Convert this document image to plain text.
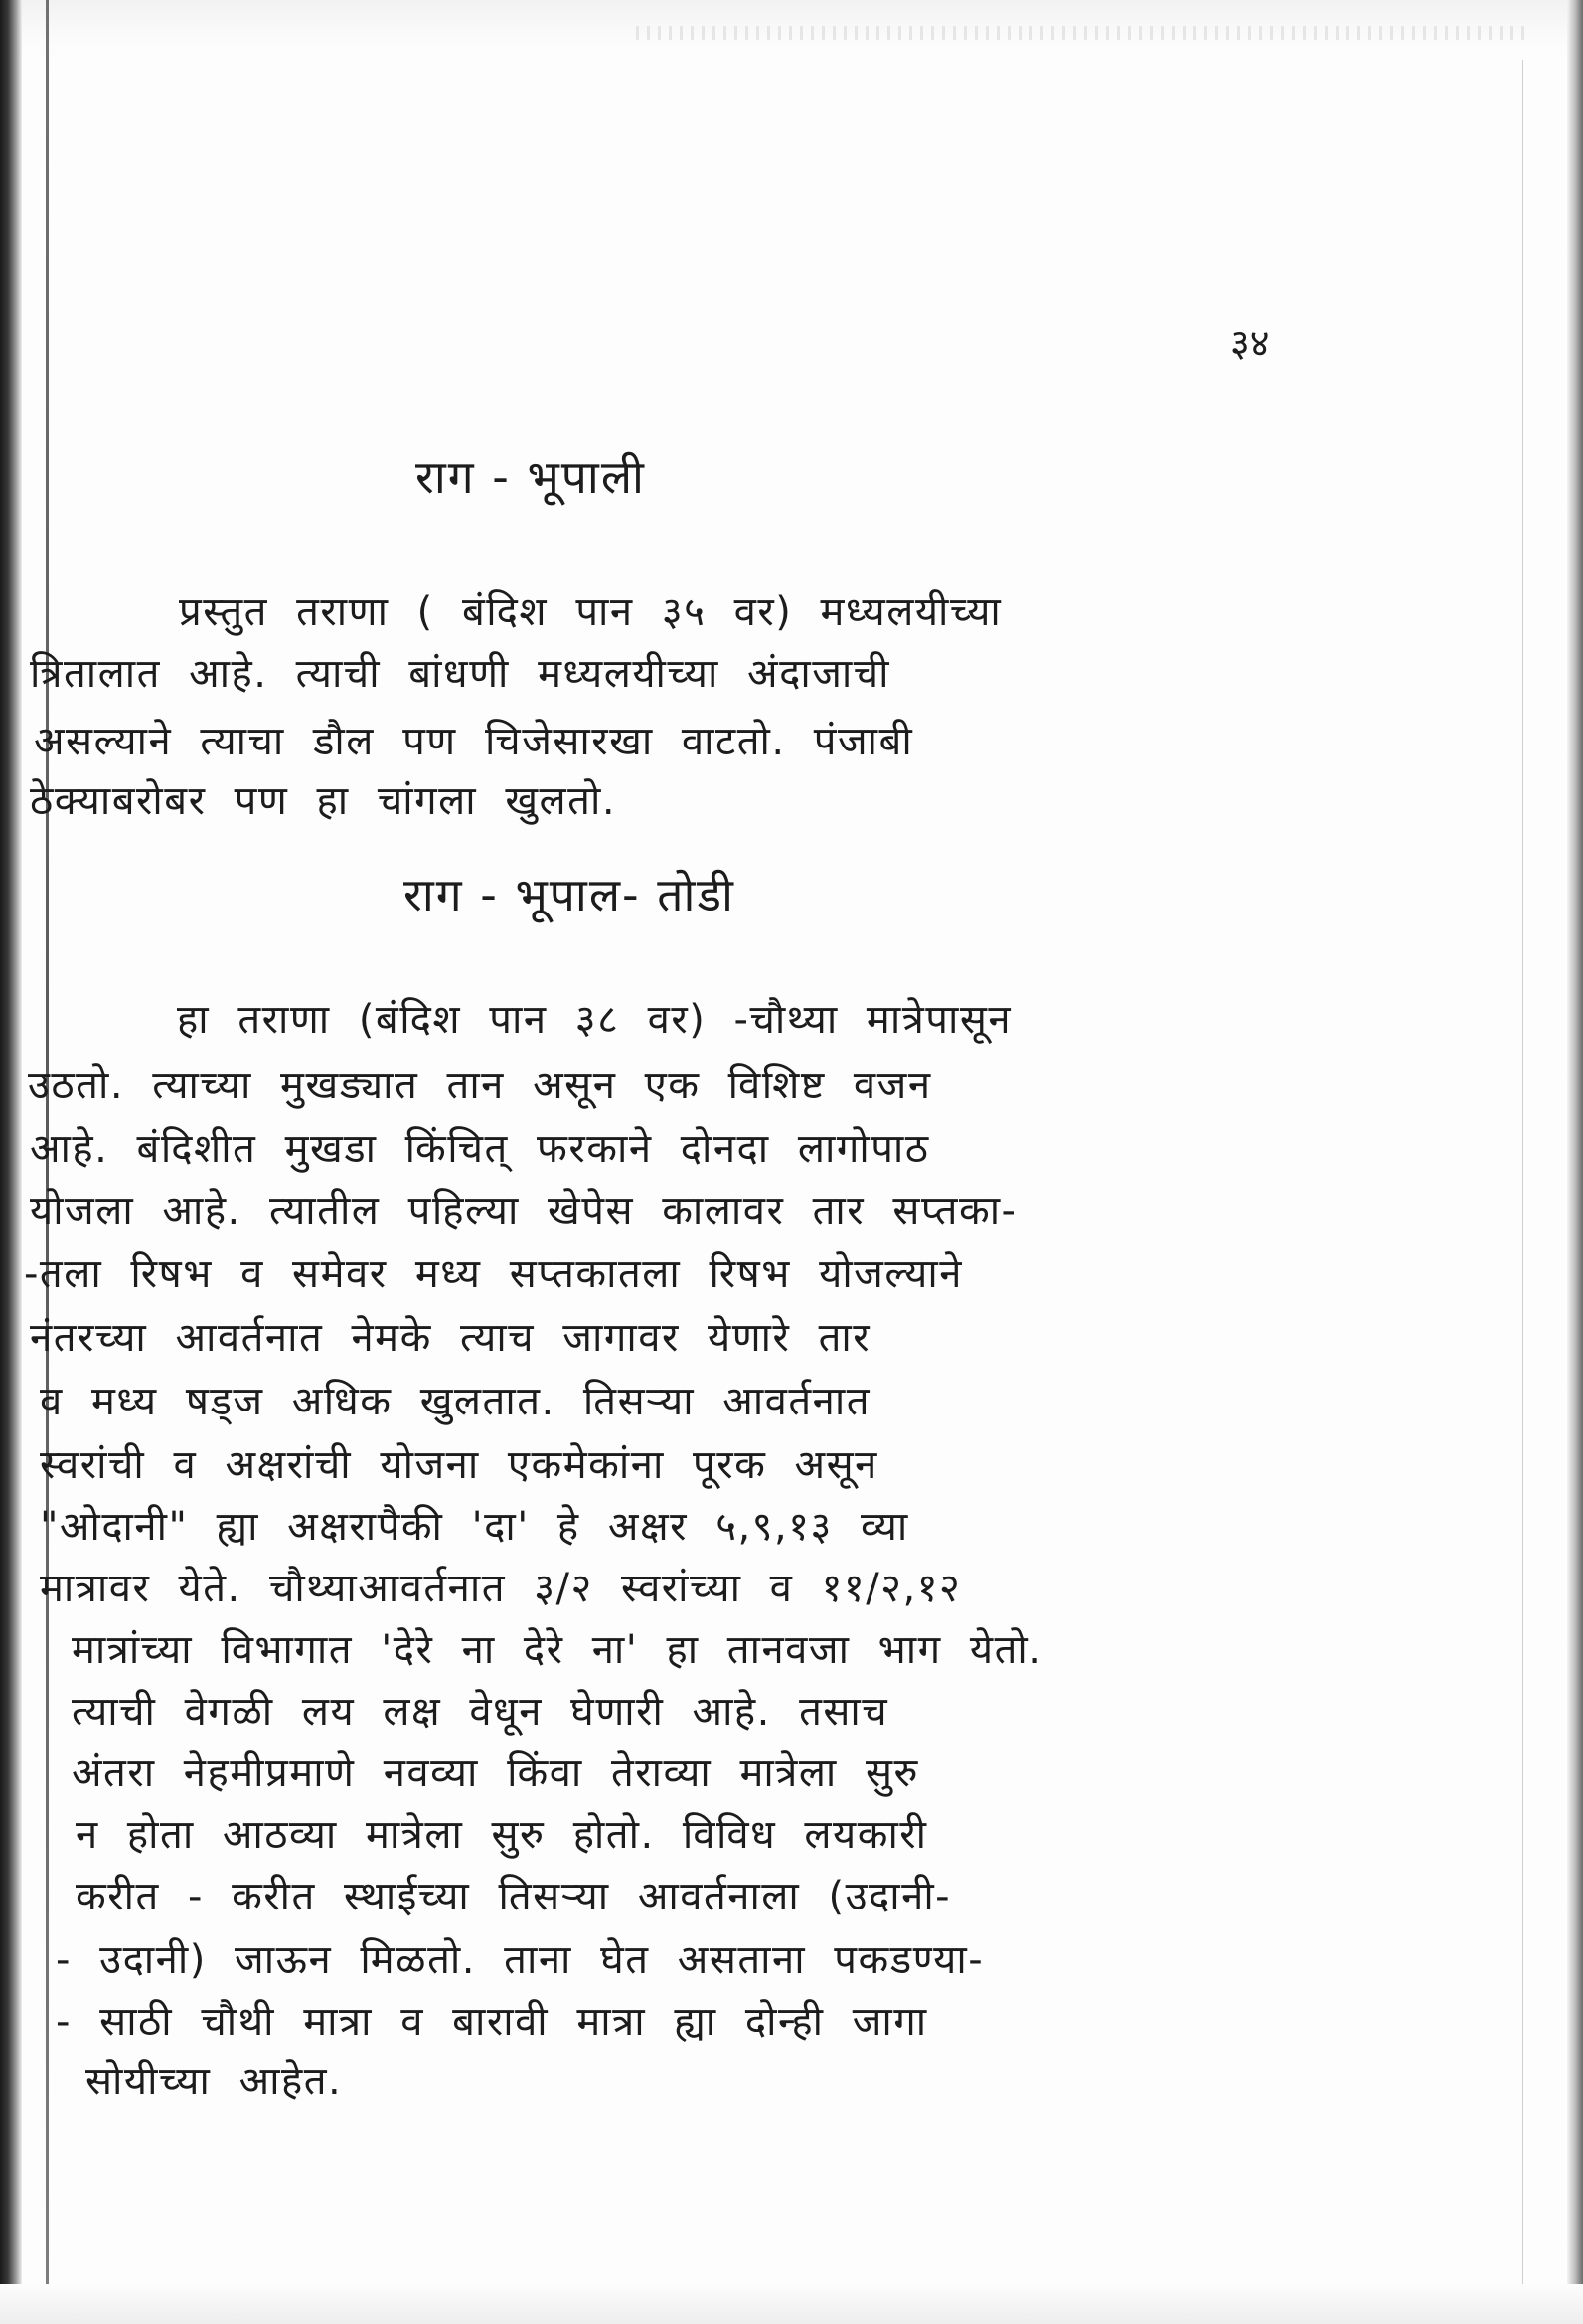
३४
राग - भूपाली
प्रस्तुत तराणा ( बंदिश पान ३५ वर) मध्यलयीच्या
त्रितालात आहे. त्याची बांधणी मध्यलयीच्या अंदाजाची
असल्याने त्याचा डौल पण चिजेसारखा वाटतो. पंजाबी
ठेक्याबरोबर पण हा चांगला खुलतो.
राग - भूपाल- तोडी
हा तराणा (बंदिश पान ३८ वर) -चौथ्या मात्रेपासून
उठतो. त्याच्या मुखड्यात तान असून एक विशिष्ट वजन
आहे. बंदिशीत मुखडा किंचित् फरकाने दोनदा लागोपाठ
योजला आहे. त्यातील पहिल्या खेपेस कालावर तार सप्तका-
-तला रिषभ व समेवर मध्य सप्तकातला रिषभ योजल्याने
नंतरच्या आवर्तनात नेमके त्याच जागावर येणारे तार
व मध्य षड्ज अधिक खुलतात. तिसऱ्या आवर्तनात
स्वरांची व अक्षरांची योजना एकमेकांना पूरक असून
"ओदानी" ह्या अक्षरापैकी 'दा' हे अक्षर ५,९,१३ व्या
मात्रावर येते. चौथ्याआवर्तनात ३/२ स्वरांच्या व ११/२,१२
मात्रांच्या विभागात 'देरे ना देरे ना' हा तानवजा भाग येतो.
त्याची वेगळी लय लक्ष वेधून घेणारी आहे. तसाच
अंतरा नेहमीप्रमाणे नवव्या किंवा तेराव्या मात्रेला सुरु
न होता आठव्या मात्रेला सुरु होतो. विविध लयकारी
करीत - करीत स्थाईच्या तिसऱ्या आवर्तनाला (उदानी-
- उदानी) जाऊन मिळतो. ताना घेत असताना पकडण्या-
- साठी चौथी मात्रा व बारावी मात्रा ह्या दोन्ही जागा
सोयीच्या आहेत.
